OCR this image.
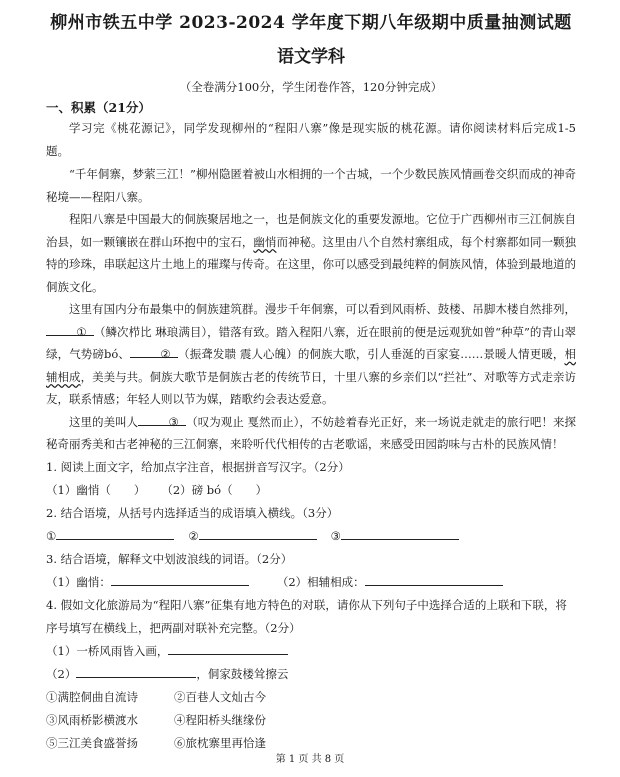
柳州市铁五中学 2023-2024 学年度下期八年级期中质量抽测试题
语文学科
（全卷满分100分，学生闭卷作答，120分钟完成）
一、积累（21分）
学习完《桃花源记》，同学发现柳州的“程阳八寨”像是现实版的桃花源。请你阅读材料后完成1-5题。
“千年侗寨，梦萦三江！”柳州隐匿着被山水相拥的一个古城，一个少数民族风情画卷交织而成的神奇秘境——程阳八寨。
程阳八寨是中国最大的侗族聚居地之一，也是侗族文化的重要发源地。它位于广西柳州市三江侗族自治县，如一颗镶嵌在群山环抱中的宝石，幽悄而神秘。这里由八个自然村寨组成，每个村寨都如同一颗独特的珍珠，串联起这片土地上的璀璨与传奇。在这里，你可以感受到最纯粹的侗族风情，体验到最地道的侗族文化。
这里有国内分布最集中的侗族建筑群。漫步千年侗寨，可以看到风雨桥、鼓楼、吊脚木楼自然排列，① （鳞次栉比 琳琅满目），错落有致。踏入程阳八寨，近在眼前的便是远观犹如曾“种草”的青山翠绿，气势磅bó、	② （振聋发聩 震人心魄）的侗族大歌，引人垂涎的百家宴……景暖人情更暖，相辅相成，美美与共。侗族大歌节是侗族古老的传统节日，十里八寨的乡亲们以“拦社”、对歌等方式走亲访友，联系情感；年轻人则以节为媒，踏歌约会表达爱意。
这里的美叫人	③ （叹为观止 戛然而止），不妨趁着春光正好，来一场说走就走的旅行吧！来探秘奇丽秀美和古老神秘的三江侗寨，来聆听代代相传的古老歌谣，来感受田园韵味与古朴的民族风情！
1. 阅读上面文字，给加点字注音，根据拼音写汉字。（2分）
（1）幽悄（　　） （2）磅 bó（　　）
2. 结合语境，从括号内选择适当的成语填入横线。（3分）
①	②	③
3. 结合语境，解释文中划波浪线的词语。（2分）
（1）幽悄：	（2）相辅相成：
4. 假如文化旅游局为“程阳八寨”征集有地方特色的对联，请你从下列句子中选择合适的上联和下联，将序号填写在横线上，把两副对联补充完整。（2分）
（1）一桥风雨皆入画，
（2）	，侗家鼓楼耸擦云
①满腔侗曲自流诗	②百巷人文灿古今
③风雨桥影横渡水	④程阳桥头继缘份
⑤三江美食盛誉扬	⑥旅枕寨里再恰逢
第 1 页 共 8 页
